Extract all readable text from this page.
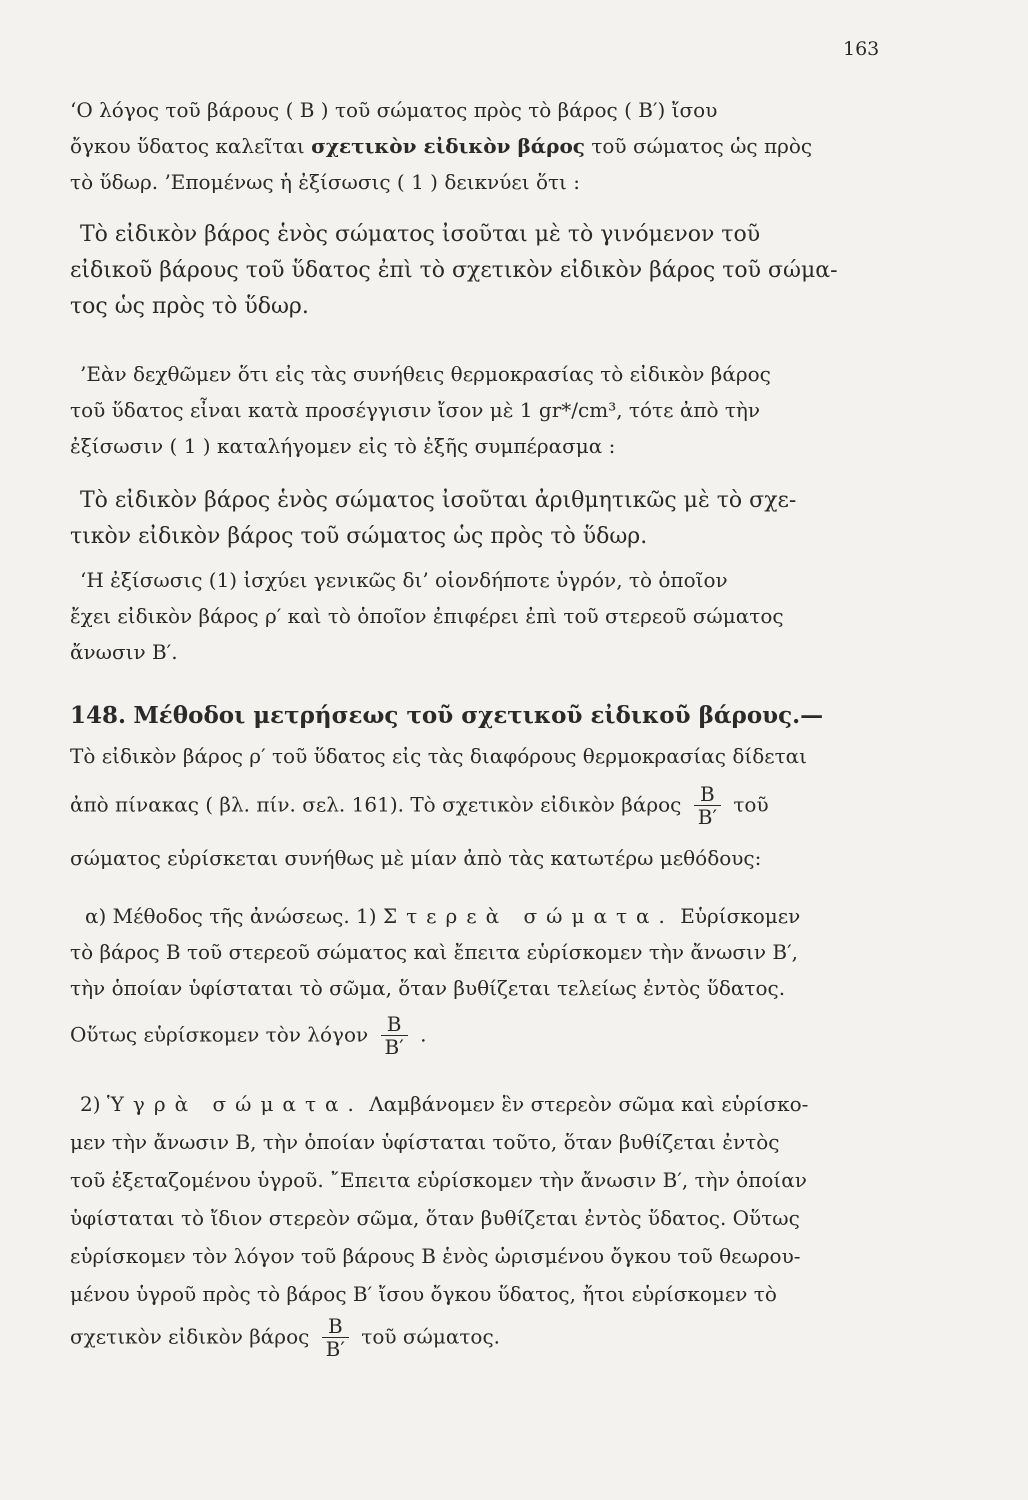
163
‘Ο λόγος τοῦ βάρους ( Β ) τοῦ σώματος πρὸς τὸ βάρος ( Β′) ἴσου
ὄγκου ὕδατος καλεῖται σχετικὸν εἰδικὸν βάρος τοῦ σώματος ὡς πρὸς
τὸ ὕδωρ. ’Επομένως ἡ ἐξίσωσις ( 1 ) δεικνύει ὅτι :
Τὸ εἰδικὸν βάρος ἑνὸς σώματος ἰσοῦται μὲ τὸ γινόμενον τοῦ
εἰδικοῦ βάρους τοῦ ὕδατος ἐπὶ τὸ σχετικὸν εἰδικὸν βάρος τοῦ σώμα-
τος ὡς πρὸς τὸ ὕδωρ.
’Εὰν δεχθῶμεν ὅτι εἰς τὰς συνήθεις θερμοκρασίας τὸ εἰδικὸν βάρος
τοῦ ὕδατος εἶναι κατὰ προσέγγισιν ἴσον μὲ 1 gr*/cm³, τότε ἀπὸ τὴν
ἐξίσωσιν ( 1 ) καταλήγομεν εἰς τὸ ἑξῆς συμπέρασμα :
Τὸ εἰδικὸν βάρος ἑνὸς σώματος ἰσοῦται ἀριθμητικῶς μὲ τὸ σχε-
τικὸν εἰδικὸν βάρος τοῦ σώματος ὡς πρὸς τὸ ὕδωρ.
‘Η ἐξίσωσις (1) ἰσχύει γενικῶς δι’ οἱονδήποτε ὑγρόν, τὸ ὁποῖον
ἔχει εἰδικὸν βάρος ρ′ καὶ τὸ ὁποῖον ἐπιφέρει ἐπὶ τοῦ στερεοῦ σώματος
ἄνωσιν Β′.
148. Μέθοδοι μετρήσεως τοῦ σχετικοῦ εἰδικοῦ βάρους.—
Τὸ εἰδικὸν βάρος ρ′ τοῦ ὕδατος εἰς τὰς διαφόρους θερμοκρασίας δίδεται
ἀπὸ πίνακας ( βλ. πίν. σελ. 161). Τὸ σχετικὸν εἰδικὸν βάρος $\frac{B}{B'}$ τοῦ
σώματος εὑρίσκεται συνήθως μὲ μίαν ἀπὸ τὰς κατωτέρω μεθόδους:
α) Μέθοδος τῆς ἀνώσεως. 1) Στερεὰ σώματα. Εὑρίσκομεν
τὸ βάρος Β τοῦ στερεοῦ σώματος καὶ ἔπειτα εὑρίσκομεν τὴν ἄνωσιν Β′,
τὴν ὁποίαν ὑφίσταται τὸ σῶμα, ὅταν βυθίζεται τελείως ἐντὸς ὕδατος.
Οὕτως εὑρίσκομεν τὸν λόγον $\frac{B}{B'}$ .
2) Ὑγρὰ σώματα. Λαμβάνομεν ἓν στερεὸν σῶμα καὶ εὑρίσκο-
μεν τὴν ἄνωσιν Β, τὴν ὁποίαν ὑφίσταται τοῦτο, ὅταν βυθίζεται ἐντὸς
τοῦ ἐξεταζομένου ὑγροῦ. ῎Επειτα εὑρίσκομεν τὴν ἄνωσιν Β′, τὴν ὁποίαν
ὑφίσταται τὸ ἴδιον στερεὸν σῶμα, ὅταν βυθίζεται ἐντὸς ὕδατος. Οὕτως
εὑρίσκομεν τὸν λόγον τοῦ βάρους Β ἑνὸς ὡρισμένου ὄγκου τοῦ θεωρου-
μένου ὑγροῦ πρὸς τὸ βάρος Β′ ἴσου ὄγκου ὕδατος, ἤτοι εὑρίσκομεν τὸ
σχετικὸν εἰδικὸν βάρος $\frac{B}{B'}$ τοῦ σώματος.
